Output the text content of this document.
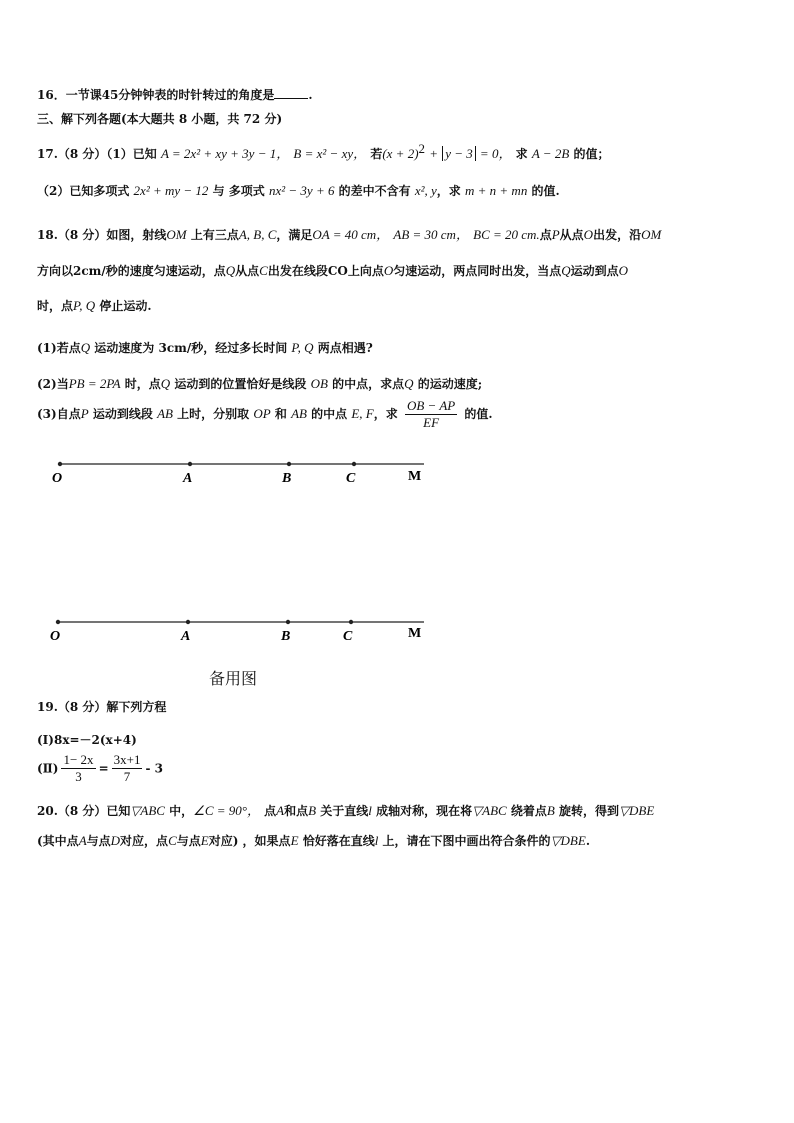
16．一节课45分钟钟表的时针转过的角度是	.
三、解下列各题(本大题共 8 小题，共 72 分)
17.（8 分）（1）已知 A = 2x² + xy + 3y − 1， B = x² − xy， 若$(x + 2)^2 + y - 3 = 0$， 求 A − 2B 的值；
（2）已知多项式 2x² + my − 12 与 多项式 nx² − 3y + 6 的差中不含有 x², y，求 m + n + mn 的值.
18.（8 分）如图，射线OM 上有三点A, B, C，满足OA = 40 cm， AB = 30 cm， BC = 20 cm.点P从点O出发，沿OM
方向以2cm/秒的速度匀速运动，点Q从点C出发在线段CO上向点O匀速运动，两点同时出发，当点Q运动到点O
时，点P, Q 停止运动.
(1)若点Q 运动速度为 3cm/秒，经过多长时间 P, Q 两点相遇?
(2)当PB = 2PA 时，点Q 运动到的位置恰好是线段 OB 的中点，求点Q 的运动速度;
(3)自点P 运动到线段 AB 上时，分别取 OP 和 AB 的中点 E, F，求 $\frac{OB - AP}{EF}$ 的值.
O	A	B	C	M
O	A	B	C	M
备用图
19.（8 分）解下列方程
(Ⅰ)8x=－2(x+4)
(Ⅱ) $\frac{1- 2x}{3} = \frac{3x+1}{7} - 3$
20.（8 分）已知▽ABC 中，∠C = 90°， 点A和点B 关于直线l 成轴对称，现在将▽ABC 绕着点B 旋转，得到▽DBE
(其中点A与点D对应，点C与点E对应) ，如果点E 恰好落在直线l 上，请在下图中画出符合条件的▽DBE.
